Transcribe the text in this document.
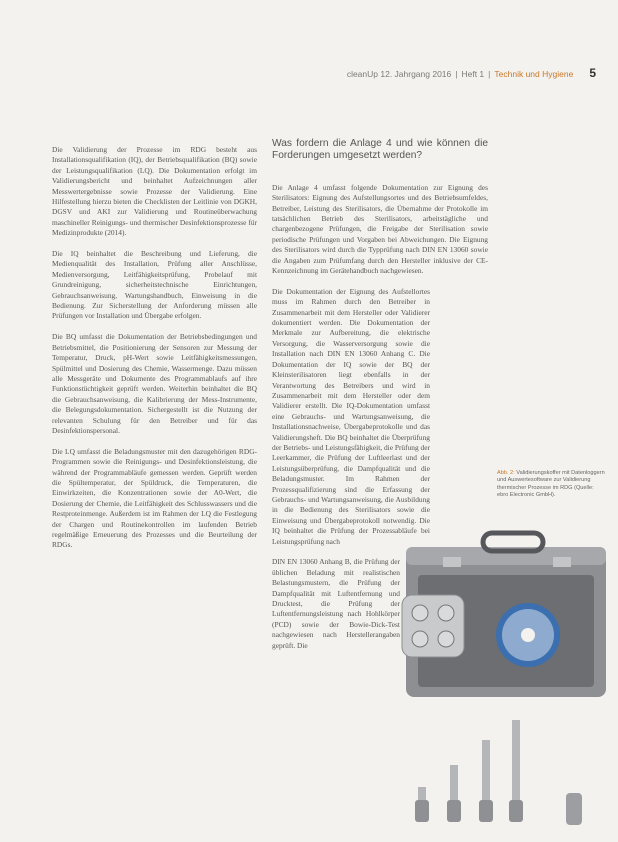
cleanUp 12. Jahrgang 2016 | Heft 1 | Technik und Hygiene 5

Die Validierung der Prozesse im RDG besteht aus Installationsqualifikation (IQ), der Betriebsqualifikation (BQ) sowie der Leistungsqualifikation (LQ). Die Dokumentation erfolgt im Validierungsbericht und beinhaltet Aufzeichnungen aller Messwertergebnisse sowie Prozesse der Validierung. Eine Hilfestellung hierzu bieten die Checklisten der Leitlinie von DGKH, DGSV und AKI zur Validierung und Routineüberwachung maschineller Reinigungs- und thermischer Desinfektionsprozesse für Medizinprodukte (2014).

Die IQ beinhaltet die Beschreibung und Lieferung, die Medienqualität des Installation, Prüfung aller Anschlüsse, Medienversorgung, Leitfähigkeitsprüfung, Probelauf mit Grundreinigung, sicherheitstechnische Einrichtungen, Gebrauchsanweisung, Wartungshandbuch, Einweisung in die Bedienung. Zur Sicherstellung der Anforderung müssen alle Prüfungen vor Installation und Übergabe erfolgen.

Die BQ umfasst die Dokumentation der Betriebsbedingungen und Betriebsmittel, die Positionierung der Sensoren zur Messung der Temperatur, Druck, pH-Wert sowie Leitfähigkeitsmessungen, Spülmittel und Dosierung des Chemie, Wassermenge. Dazu müssen alle Messgeräte und Dokumente des Programmablaufs auf ihre Funktionstüchtigkeit geprüft werden. Weiterhin beinhaltet die BQ die Gebrauchsanweisung, die Kalibrierung der Mess-Instrumente, die Belegungsdokumentation. Sichergestellt ist die Nutzung der relevanten Schulung für den Betreiber und für das Desinfektionspersonal.

Die LQ umfasst die Beladungsmuster mit den dazugehörigen RDG-Programmen sowie die Reinigungs- und Desinfektionsleistung, die während der Programmabläufe gemessen werden. Geprüft werden die Spültemperatur, der Spüldruck, die Temperaturen, die Einwirkzeiten, die Konzentrationen sowie der A0-Wert, die Dosierung der Chemie, die Leitfähigkeit des Schlusswassers und die Restproteinmenge. Außerdem ist im Rahmen der LQ die Festlegung der Chargen und Routinekontrollen im laufenden Betrieb regelmäßige Erneuerung des Prozesses und die Beurteilung der RDGs.

Was fordern die Anlage 4 und wie können die Forderungen umgesetzt werden?

Die Anlage 4 umfasst folgende Dokumentation zur Eignung des Sterilisators: Eignung des Aufstellungsortes und des Betriebsumfeldes, Betreiber, Leistung des Sterilisators, die Übernahme der Protokolle im tatsächlichen Betrieb des Sterilisators, arbeitstägliche und chargenbezogene Prüfungen, die Freigabe der Sterilisation sowie periodische Prüfungen und Vorgaben bei Abweichungen. Die Eignung des Sterilisators wird durch die Typprüfung nach DIN EN 13060 sowie die Angaben zum Prüfumfang durch den Hersteller inklusive der CE-Kennzeichnung im Gerätehandbuch nachgewiesen.

Die Dokumentation der Eignung des Aufstellortes muss im Rahmen durch den Betreiber in Zusammenarbeit mit dem Hersteller oder Validierer dokumentiert werden. Die Dokumentation der Merkmale zur Aufbereitung, die elektrische Versorgung, die Wasserversorgung sowie die Installation nach DIN EN 13060 Anhang C. Die Dokumentation der IQ sowie der BQ der Kleinsterilisatoren liegt ebenfalls in der Verantwortung des Betreibers und wird in Zusammenarbeit mit dem Hersteller oder dem Validierer erstellt. Die IQ-Dokumentation umfasst eine Gebrauchs- und Wartungsanweisung, die Installationsnachweise, Übergabeprotokolle und das Validierungsheft. Die BQ beinhaltet die Überprüfung der Betriebs- und Leistungsfähigkeit, die Prüfung der Leerkammer, die Prüfung der Luftleerlast und der Leistungsüberprüfung, die Dampfqualität und die Beladungsmuster. Im Rahmen der Prozessqualifizierung sind die Erfassung der Gebrauchs- und Wartungsanweisung, die Ausbildung in die Bedienung des Sterilisators sowie die Einweisung und Übergabeprotokoll notwendig. Die IQ beinhaltet die Prüfung der Prozessabläufe bei Leistungsprüfung nach

DIN EN 13060 Anhang B, die Prüfung der üblichen Beladung mit realistischen Belastungsmustern, die Prüfung der Dampfqualität mit Luftentfernung und Drucktest, die Prüfung der Luftentfernungsleistung nach Hohlkörper (PCD) sowie der Bowie-Dick-Test nachgewiesen nach Herstellerangaben geprüft. Die

Abb. 2: Validierungskoffer mit Datenloggern und Auswertesoftware zur Validierung thermischer Prozesse im RDG (Quelle: ebro Electronic GmbH).
